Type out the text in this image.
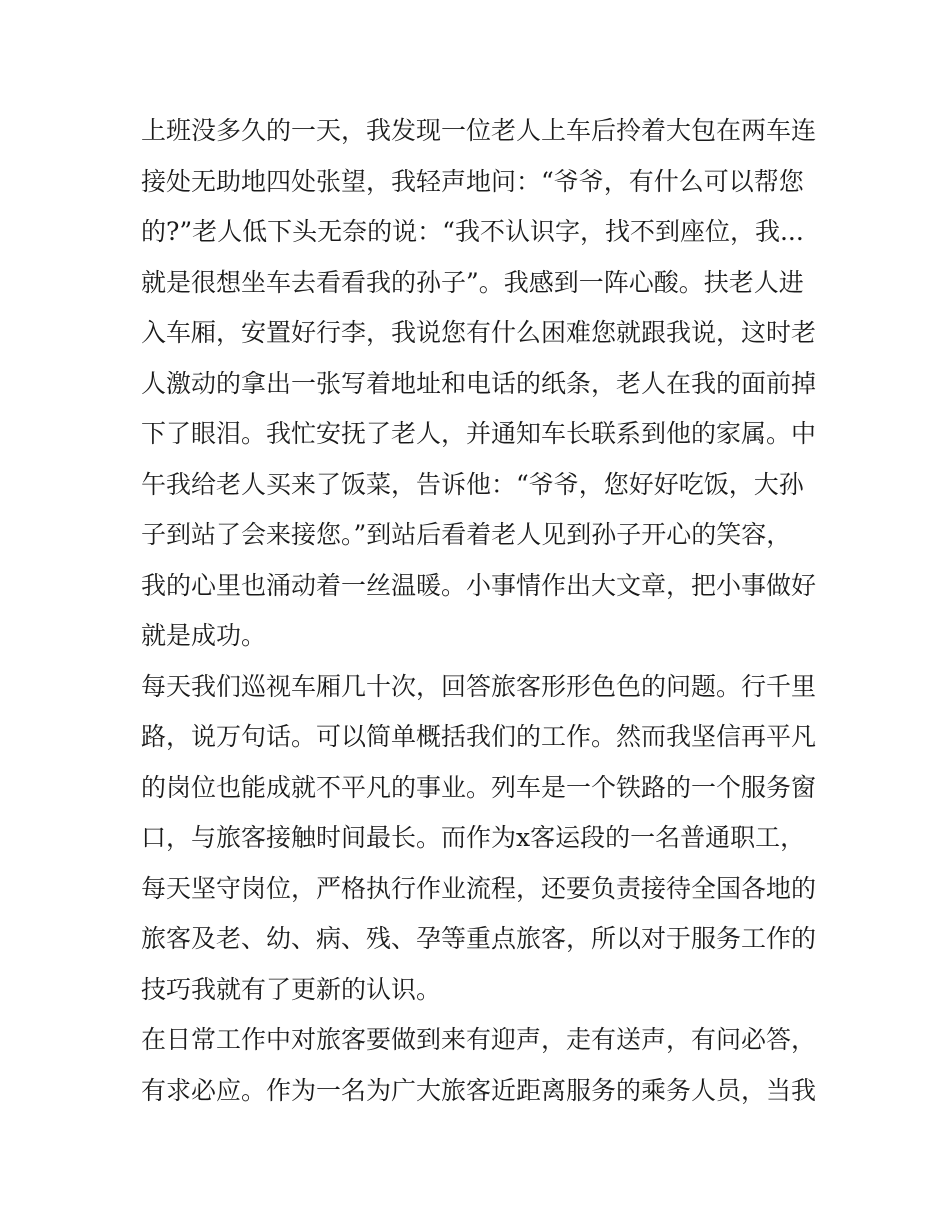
上班没多久的一天，我发现一位老人上车后拎着大包在两车连
接处无助地四处张望，我轻声地问：“爷爷，有什么可以帮您
的?”老人低下头无奈的说：“我不认识字，找不到座位，我...
就是很想坐车去看看我的孙子”。我感到一阵心酸。扶老人进
入车厢，安置好行李，我说您有什么困难您就跟我说，这时老
人激动的拿出一张写着地址和电话的纸条，老人在我的面前掉
下了眼泪。我忙安抚了老人，并通知车长联系到他的家属。中
午我给老人买来了饭菜，告诉他：“爷爷，您好好吃饭，大孙
子到站了会来接您。”到站后看着老人见到孙子开心的笑容，
我的心里也涌动着一丝温暖。小事情作出大文章，把小事做好
就是成功。
每天我们巡视车厢几十次，回答旅客形形色色的问题。行千里
路，说万句话。可以简单概括我们的工作。然而我坚信再平凡
的岗位也能成就不平凡的事业。列车是一个铁路的一个服务窗
口，与旅客接触时间最长。而作为x客运段的一名普通职工，
每天坚守岗位，严格执行作业流程，还要负责接待全国各地的
旅客及老、幼、病、残、孕等重点旅客，所以对于服务工作的
技巧我就有了更新的认识。
在日常工作中对旅客要做到来有迎声，走有送声，有问必答，
有求必应。作为一名为广大旅客近距离服务的乘务人员，当我
